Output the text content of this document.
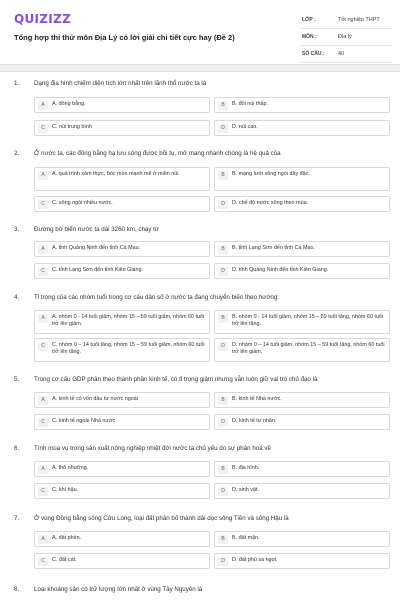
QUIZIZZ
Tổng hợp thi thử môn Địa Lý có lời giải chi tiết cực hay (Đề 2)
LỚP :	Tốt nghiệp THPT
MÔN :	Địa lý
SỐ CÂU :	40
1. Dạng địa hình chiếm diện tích lớn nhất trên lãnh thổ nước ta là
A	A. đồng bằng.	B	B. đồi núi thấp.
C	C. núi trung bình	D	D. núi cao.
2. Ở nước ta, các đồng bằng hạ lưu sông được bồi tụ, mở mang nhanh chóng là hệ quả của
A	A. quá trình xâm thực, bóc mòn mạnh mẽ ở miền núi.	B	B. mạng lưới sông ngòi dày đặc.
C	C. sông ngòi nhiều nước.	D	D. chế độ nước sông theo mùa.
3. Đường bờ biển nước ta dài 3260 km, chạy từ
A	A. tỉnh Quảng Ninh đến tỉnh Cà Mau.	B	B. tỉnh Lạng Sơn đến tỉnh Cà Mau.
C	C. tỉnh Lạng Sơn đến tỉnh Kiên Giang.	D	D. tỉnh Quảng Ninh đến tỉnh Kiên Giang.
4. Tỉ trọng của các nhóm tuổi trong cơ cấu dân số ở nước ta đang chuyển biến theo hướng:
A	A. nhóm 0 - 14 tuổi giảm, nhóm 15 – 59 tuổi giảm, nhóm 60 tuổi trở lên giảm.
B	B. nhóm 0 - 14 tuổi giảm, nhóm 15 – 59 tuổi tăng, nhóm 60 tuổi trở lên tăng.
C	C. nhóm 0 – 14 tuổi tăng, nhóm 15 – 59 tuổi giảm, nhóm 60 tuổi trở lên tăng.
D	D. nhóm 0 – 14 tuổi giảm, nhóm 15 – 59 tuổi tăng, nhóm 60 tuổi trở lên giảm.
5. Trong cơ cấu GDP phân theo thành phần kinh tế, có tỉ trọng giảm nhưng vẫn luôn giữ vai trò chủ đạo là
A	A. kinh tế có vốn đầu tư nước ngoài	B	B. kinh tế Nhà nước.
C	C. kinh tế ngoài Nhà nước	D	D. kinh tế tư nhân.
6. Tính mùa vụ trong sản xuất nông nghiệp nhiệt đới nước ta chủ yếu do sự phân hoá về
A	A. thổ nhưỡng.	B	B. địa hình.
C	C. khí hậu.	D	D. sinh vật.
7. Ở vùng Đồng bằng sông Cửu Long, loại đất phân bố thành dải dọc sông Tiền và sông Hậu là
A	A. đất phèn.	B	B. đất mặn.
C	C. đất cát.	D	D. đất phù sa ngọt.
8. Loại khoáng sản có trữ lượng lớn nhất ở vùng Tây Nguyên là
